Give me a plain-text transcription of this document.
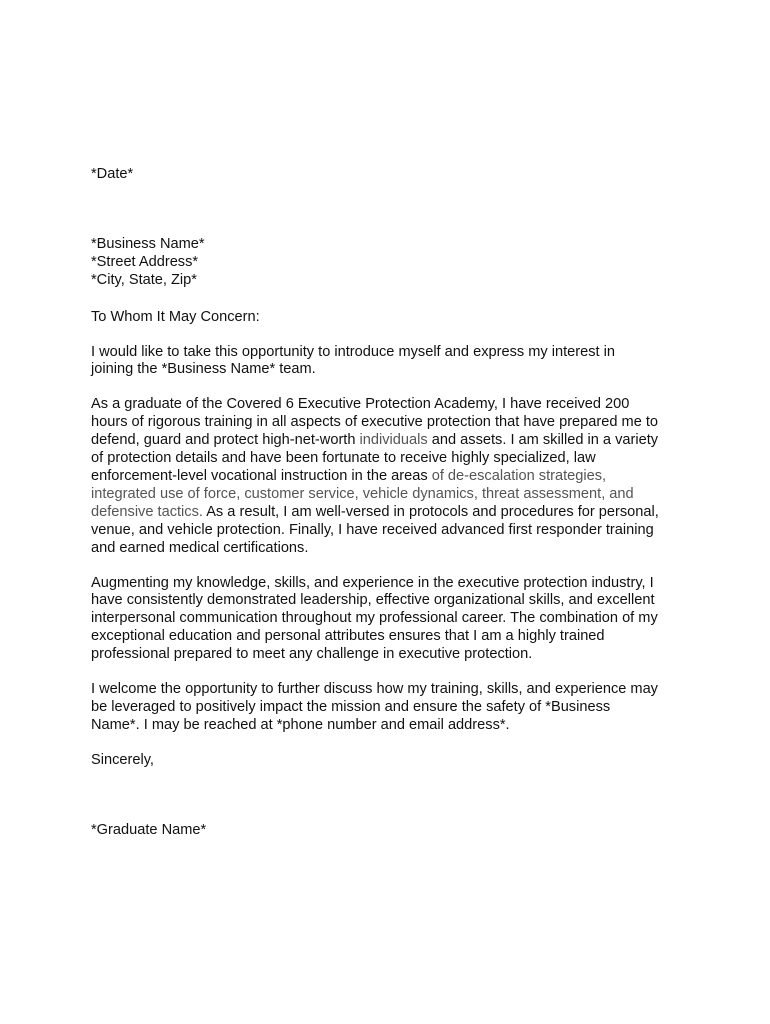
*Date*
*Business Name*
*Street Address*
*City, State, Zip*
To Whom It May Concern:
I would like to take this opportunity to introduce myself and express my interest in
joining the *Business Name* team.
As a graduate of the Covered 6 Executive Protection Academy, I have received 200
hours of rigorous training in all aspects of executive protection that have prepared me to
defend, guard and protect high-net-worth individuals and assets. I am skilled in a variety
of protection details and have been fortunate to receive highly specialized, law
enforcement-level vocational instruction in the areas of de-escalation strategies,
integrated use of force, customer service, vehicle dynamics, threat assessment, and
defensive tactics. As a result, I am well-versed in protocols and procedures for personal,
venue, and vehicle protection. Finally, I have received advanced first responder training
and earned medical certifications.
Augmenting my knowledge, skills, and experience in the executive protection industry, I
have consistently demonstrated leadership, effective organizational skills, and excellent
interpersonal communication throughout my professional career. The combination of my
exceptional education and personal attributes ensures that I am a highly trained
professional prepared to meet any challenge in executive protection.
I welcome the opportunity to further discuss how my training, skills, and experience may
be leveraged to positively impact the mission and ensure the safety of *Business
Name*. I may be reached at *phone number and email address*.
Sincerely,
*Graduate Name*
